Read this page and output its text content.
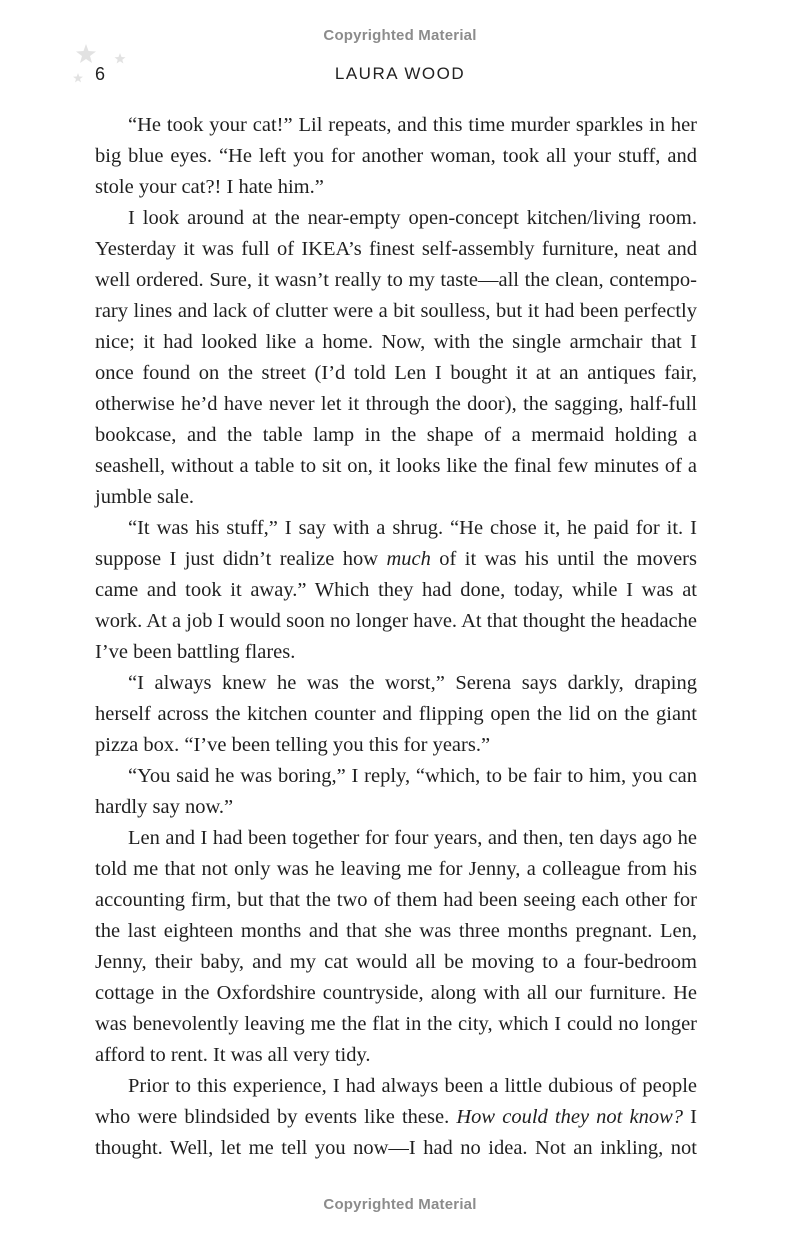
Copyrighted Material
6	LAURA WOOD

“He took your cat!” Lil repeats, and this time murder sparkles in her big blue eyes. “He left you for another woman, took all your stuff, and stole your cat?! I hate him.”

I look around at the near-empty open-concept kitchen/living room. Yesterday it was full of IKEA’s finest self-assembly furniture, neat and well ordered. Sure, it wasn’t really to my taste—all the clean, contemporary lines and lack of clutter were a bit soulless, but it had been perfectly nice; it had looked like a home. Now, with the single armchair that I once found on the street (I’d told Len I bought it at an antiques fair, otherwise he’d have never let it through the door), the sagging, half-full bookcase, and the table lamp in the shape of a mermaid holding a seashell, without a table to sit on, it looks like the final few minutes of a jumble sale.

“It was his stuff,” I say with a shrug. “He chose it, he paid for it. I suppose I just didn’t realize how much of it was his until the movers came and took it away.” Which they had done, today, while I was at work. At a job I would soon no longer have. At that thought the headache I’ve been battling flares.

“I always knew he was the worst,” Serena says darkly, draping herself across the kitchen counter and flipping open the lid on the giant pizza box. “I’ve been telling you this for years.”

“You said he was boring,” I reply, “which, to be fair to him, you can hardly say now.”

Len and I had been together for four years, and then, ten days ago he told me that not only was he leaving me for Jenny, a colleague from his accounting firm, but that the two of them had been seeing each other for the last eighteen months and that she was three months pregnant. Len, Jenny, their baby, and my cat would all be moving to a four-bedroom cottage in the Oxfordshire countryside, along with all our furniture. He was benevolently leaving me the flat in the city, which I could no longer afford to rent. It was all very tidy.

Prior to this experience, I had always been a little dubious of people who were blindsided by events like these. How could they not know? I thought. Well, let me tell you now—I had no idea. Not an inkling, not

Copyrighted Material
